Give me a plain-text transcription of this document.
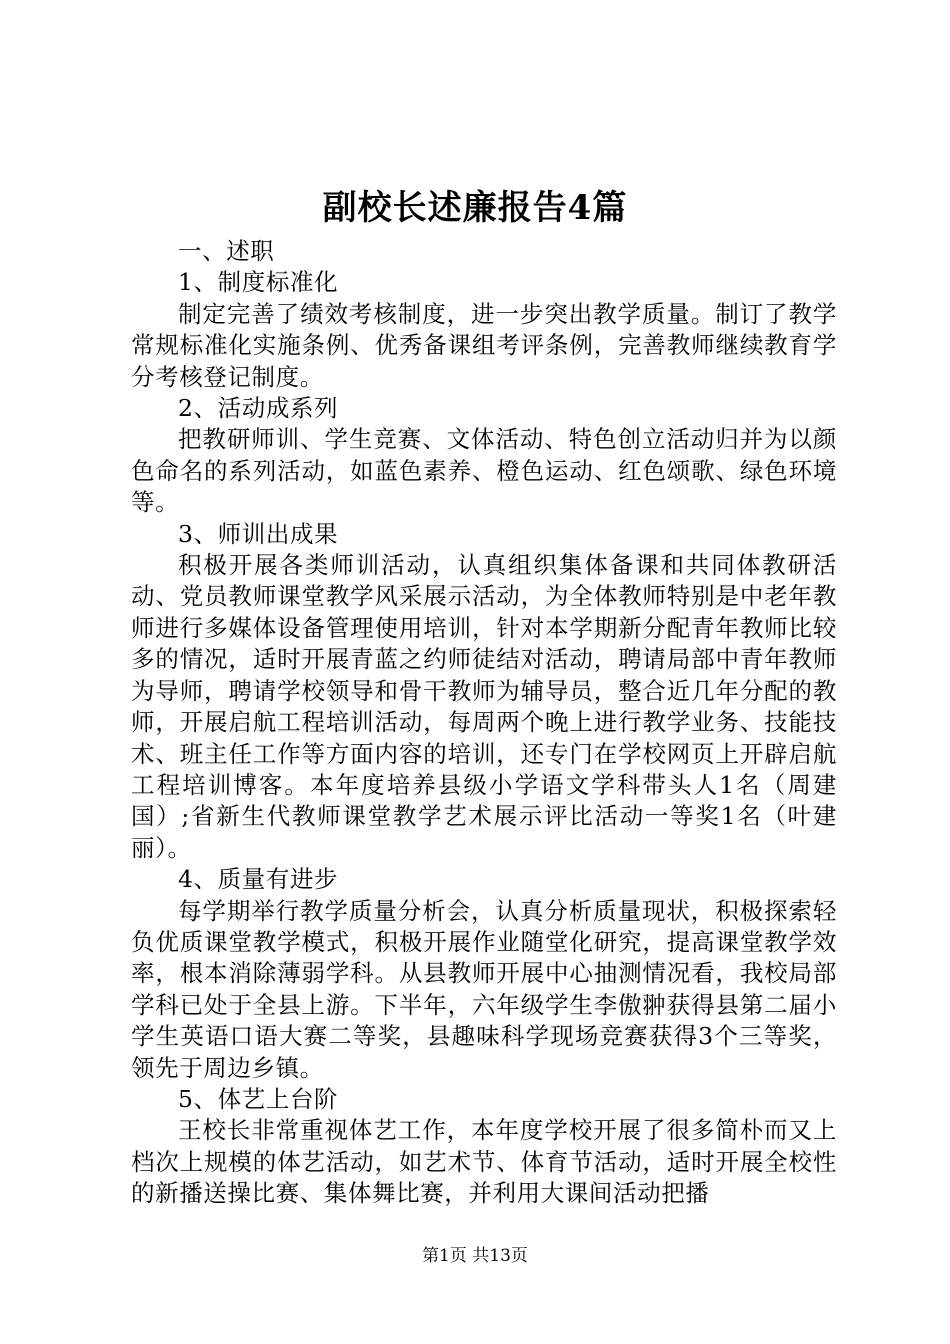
副校长述廉报告4篇

一、述职

1、制度标准化

制定完善了绩效考核制度，进一步突出教学质量。制订了教学常规标准化实施条例、优秀备课组考评条例，完善教师继续教育学分考核登记制度。

2、活动成系列

把教研师训、学生竞赛、文体活动、特色创立活动归并为以颜色命名的系列活动，如蓝色素养、橙色运动、红色颂歌、绿色环境等。

3、师训出成果

积极开展各类师训活动，认真组织集体备课和共同体教研活动、党员教师课堂教学风采展示活动，为全体教师特别是中老年教师进行多媒体设备管理使用培训，针对本学期新分配青年教师比较多的情况，适时开展青蓝之约师徒结对活动，聘请局部中青年教师为导师，聘请学校领导和骨干教师为辅导员，整合近几年分配的教师，开展启航工程培训活动，每周两个晚上进行教学业务、技能技术、班主任工作等方面内容的培训，还专门在学校网页上开辟启航工程培训博客。本年度培养县级小学语文学科带头人1名（周建国）;省新生代教师课堂教学艺术展示评比活动一等奖1名（叶建丽）。

4、质量有进步

每学期举行教学质量分析会，认真分析质量现状，积极探索轻负优质课堂教学模式，积极开展作业随堂化研究，提高课堂教学效率，根本消除薄弱学科。从县教师开展中心抽测情况看，我校局部学科已处于全县上游。下半年，六年级学生李傲翀获得县第二届小学生英语口语大赛二等奖，县趣味科学现场竞赛获得3个三等奖，领先于周边乡镇。

5、体艺上台阶

王校长非常重视体艺工作，本年度学校开展了很多简朴而又上档次上规模的体艺活动，如艺术节、体育节活动，适时开展全校性的新播送操比赛、集体舞比赛，并利用大课间活动把播

第1页 共13页
